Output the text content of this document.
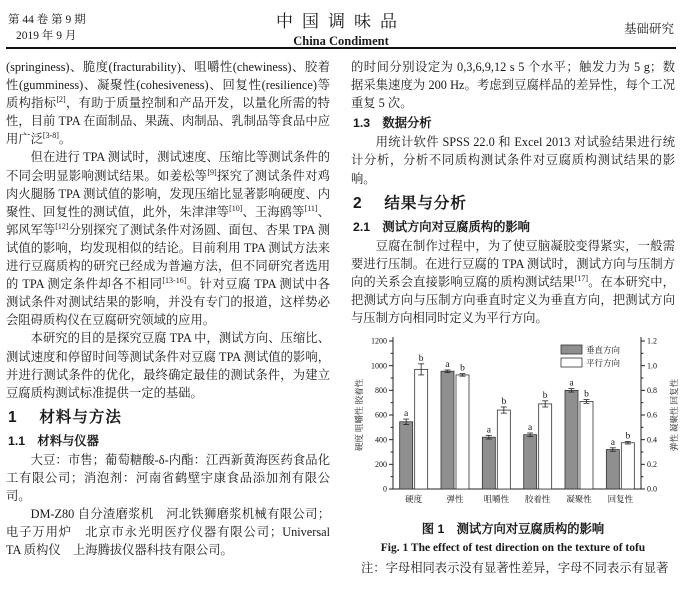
第 44 卷 第 9 期
2019 年 9 月
中国调味品
China Condiment
基础研究

(springiness)、脆度(fracturability)、咀嚼性(chewiness)、胶着性(gumminess)、凝聚性(cohesiveness)、回复性(resilience)等质构指标[2]，有助于质量控制和产品开发，以量化所需的特性，目前 TPA 在面制品、果蔬、肉制品、乳制品等食品中应用广泛[3-8]。

但在进行 TPA 测试时，测试速度、压缩比等测试条件的不同会明显影响测试结果。如姜松等[9]探究了测试条件对鸡肉火腿肠 TPA 测试值的影响，发现压缩比显著影响硬度、内聚性、回复性的测试值，此外，朱津津等[10]、王海鸥等[11]、郭风军等[12]分别探究了测试条件对汤圆、面包、杏果 TPA 测试值的影响，均发现相似的结论。目前利用 TPA 测试方法来进行豆腐质构的研究已经成为普遍方法，但不同研究者选用的 TPA 测定条件却各不相同[13-16]。针对豆腐 TPA 测试中各测试条件对测试结果的影响，并没有专门的报道，这样势必会阻碍质构仪在豆腐研究领域的应用。

本研究的目的是探究豆腐 TPA 中，测试方向、压缩比、测试速度和停留时间等测试条件对豆腐 TPA 测试值的影响，并进行测试条件的优化，最终确定最佳的测试条件，为建立豆腐质构测试标准提供一定的基础。

1 材料与方法
1.1　材料与仪器

大豆：市售；葡萄糖酸-δ-内酯：江西新黄海医药食品化工有限公司；消泡剂：河南省鹤壁宇康食品添加剂有限公司。

DM-Z80 自分渣磨浆机　河北铁狮磨浆机械有限公司；电子万用炉　北京市永光明医疗仪器有限公司；Universal TA 质构仪　上海腾拔仪器科技有限公司。

的时间分别设定为 0,3,6,9,12 s 5 个水平；触发力为 5 g；数据采集速度为 200 Hz。考虑到豆腐样品的差异性，每个工况重复 5 次。

1.3　数据分析

用统计软件 SPSS 22.0 和 Excel 2013 对试验结果进行统计分析，分析不同质构测试条件对豆腐质构测试结果的影响。

2 结果与分析
2.1　测试方向对豆腐质构的影响

豆腐在制作过程中，为了使豆脑凝胶变得紧实，一般需要进行压制。在进行豆腐的 TPA 测试时，测试方向与压制方向的关系会直接影响豆腐的质构测试结果[17]。在本研究中，把测试方向与压制方向垂直时定义为垂直方向，把测试方向与压制方向相同时定义为平行方向。

0
200
400
600
800
1000
1200
0.0
0.2
0.4
0.6
0.8
1.0
1.2
硬度 咀嚼性 胶着性	弹性 凝聚性 回复性
硬度
a
b
弹性
a b
咀嚼性
a
b
胶着性
a
b
凝聚性
a
b
回复性
a
b
垂直方向
平行方向
图 1　测试方向对豆腐质构的影响
Fig. 1 The effect of test direction on the texture of tofu
注：字母相同表示没有显著性差异，字母不同表示有显著
